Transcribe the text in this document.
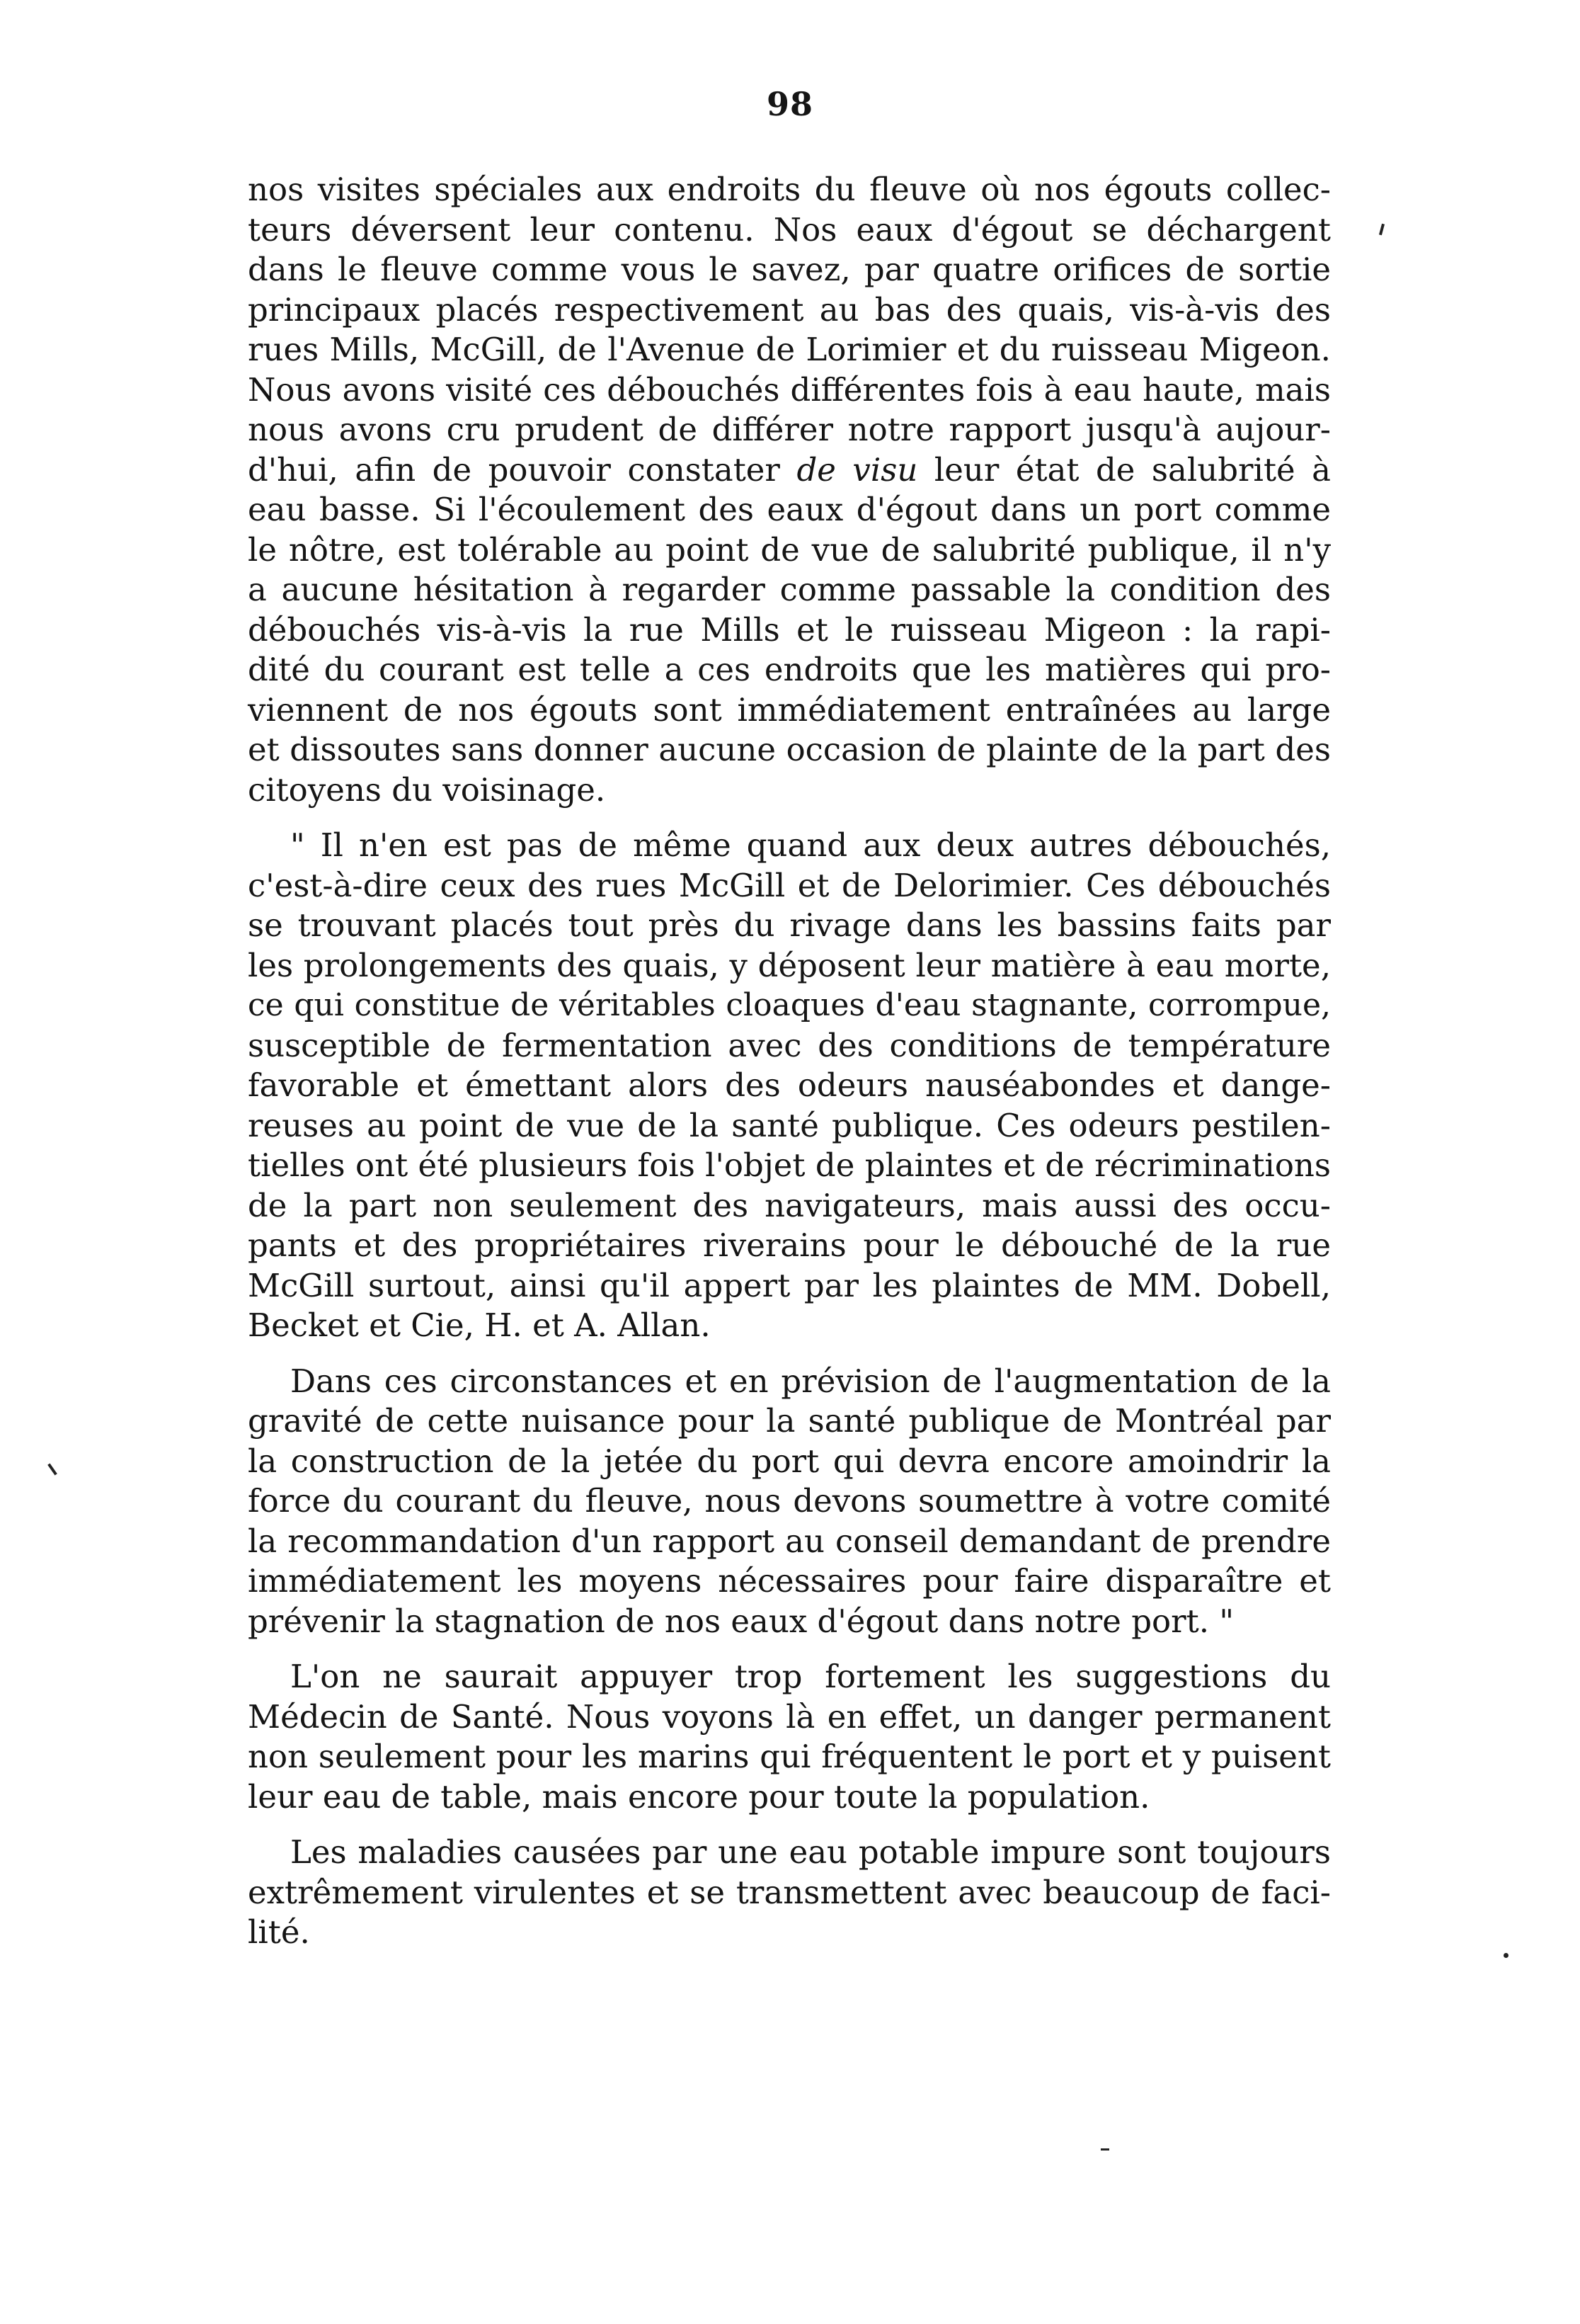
98
nos visites spéciales aux endroits du fleuve où nos égouts collec-
teurs déversent leur contenu. Nos eaux d'égout se déchargent
dans le fleuve comme vous le savez, par quatre orifices de sortie
principaux placés respectivement au bas des quais, vis-à-vis des
rues Mills, McGill, de l'Avenue de Lorimier et du ruisseau Migeon.
Nous avons visité ces débouchés différentes fois à eau haute, mais
nous avons cru prudent de différer notre rapport jusqu'à aujour-
d'hui, afin de pouvoir constater de visu leur état de salubrité à
eau basse. Si l'écoulement des eaux d'égout dans un port comme
le nôtre, est tolérable au point de vue de salubrité publique, il n'y
a aucune hésitation à regarder comme passable la condition des
débouchés vis-à-vis la rue Mills et le ruisseau Migeon : la rapi-
dité du courant est telle a ces endroits que les matières qui pro-
viennent de nos égouts sont immédiatement entraînées au large
et dissoutes sans donner aucune occasion de plainte de la part des
citoyens du voisinage.
" Il n'en est pas de même quand aux deux autres débouchés,
c'est-à-dire ceux des rues McGill et de Delorimier. Ces débouchés
se trouvant placés tout près du rivage dans les bassins faits par
les prolongements des quais, y déposent leur matière à eau morte,
ce qui constitue de véritables cloaques d'eau stagnante, corrompue,
susceptible de fermentation avec des conditions de température
favorable et émettant alors des odeurs nauséabondes et dange-
reuses au point de vue de la santé publique. Ces odeurs pestilen-
tielles ont été plusieurs fois l'objet de plaintes et de récriminations
de la part non seulement des navigateurs, mais aussi des occu-
pants et des propriétaires riverains pour le débouché de la rue
McGill surtout, ainsi qu'il appert par les plaintes de MM. Dobell,
Becket et Cie, H. et A. Allan.
Dans ces circonstances et en prévision de l'augmentation de la
gravité de cette nuisance pour la santé publique de Montréal par
la construction de la jetée du port qui devra encore amoindrir la
force du courant du fleuve, nous devons soumettre à votre comité
la recommandation d'un rapport au conseil demandant de prendre
immédiatement les moyens nécessaires pour faire disparaître et
prévenir la stagnation de nos eaux d'égout dans notre port. "
L'on ne saurait appuyer trop fortement les suggestions du
Médecin de Santé. Nous voyons là en effet, un danger permanent
non seulement pour les marins qui fréquentent le port et y puisent
leur eau de table, mais encore pour toute la population.
Les maladies causées par une eau potable impure sont toujours
extrêmement virulentes et se transmettent avec beaucoup de faci-
lité.
